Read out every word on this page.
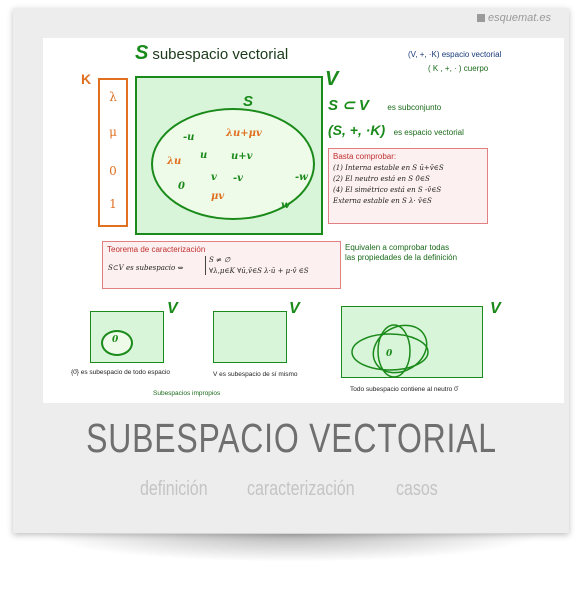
esquemat.es
S subespacio vectorial	(V, +, ·K) espacio vectorial
( K , +, · ) cuerpo
K
λ
μ
0
1
V
S
-u	λu+μv
u u+v
λu
0
v -v	-w
μv
w
S ⊂ V es subconjunto
(S, +, ·K) es espacio vectorial
Basta comprobar:
(1) Interna estable en S ū+v̄∈S
(2) El neutro está en S 0̄∈S
(4) El simétrico está en S -v̄∈S
Externa estable en S λ· v̄∈S
Teorema de caracterización
S⊂V es subespacio ⇔
S ≠ ∅
∀λ,μ∈K ∀ū,v̄∈S λ·ū + μ·v̄ ∈S
Equivalen a comprobar todas
las propiedades de la definición
0
V	V
0
V
{0̄} es subespacio de todo espacio	V es subespacio de sí mismo
Subespacios impropios
Todo subespacio contiene al neutro 0̄
SUBESPACIO VECTORIAL
definición caracterización casos
